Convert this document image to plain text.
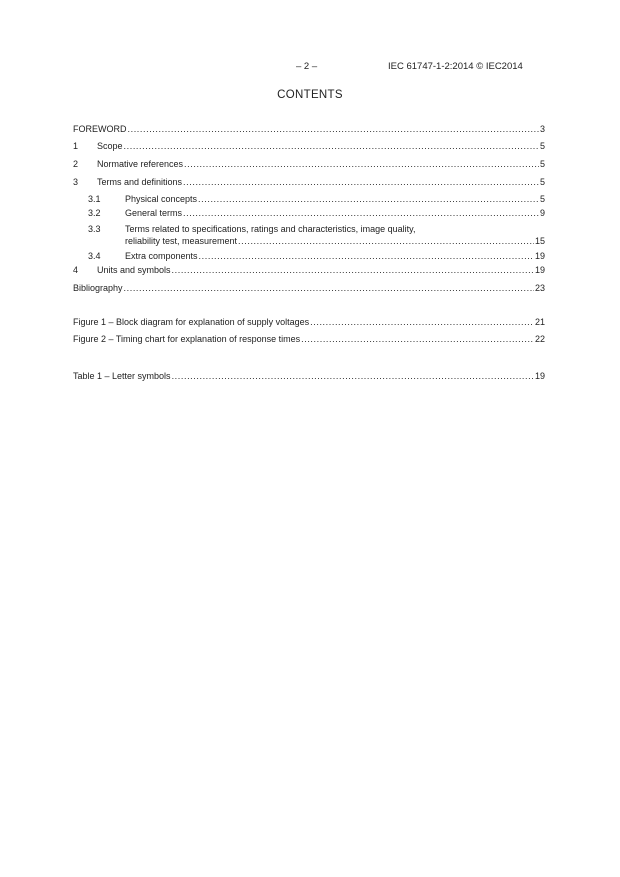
– 2 –	IEC 61747-1-2:2014 © IEC2014
CONTENTS
FOREWORD .....	3
1	Scope .....	5
2	Normative references .....	5
3	Terms and definitions .....	5
3.1	Physical concepts .....	5
3.2	General terms .....	9
3.3	Terms related to specifications, ratings and characteristics, image quality,
reliability test, measurement .....	15
3.4	Extra components .....	19
4	Units and symbols .....	19
Bibliography .....	23
Figure 1 – Block diagram for explanation of supply voltages .....	21
Figure 2 – Timing chart for explanation of response times .....	22
Table 1 – Letter symbols .....	19
